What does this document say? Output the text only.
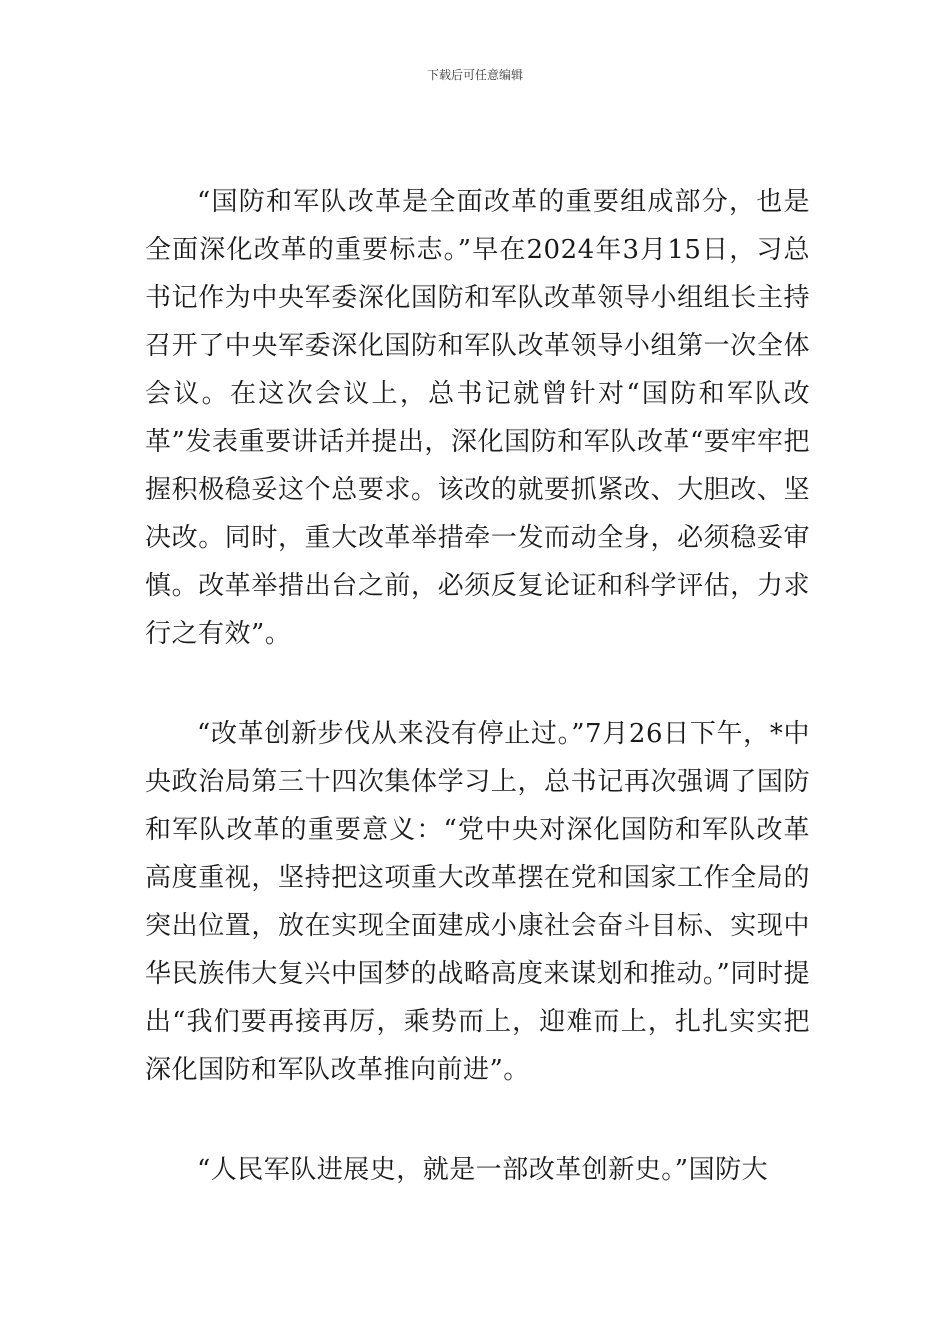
下载后可任意编辑

“国防和军队改革是全面改革的重要组成部分，也是全面深化改革的重要标志。”早在2024年3月15日，习总书记作为中央军委深化国防和军队改革领导小组组长主持召开了中央军委深化国防和军队改革领导小组第一次全体会议。在这次会议上，总书记就曾针对“国防和军队改革”发表重要讲话并提出，深化国防和军队改革“要牢牢把握积极稳妥这个总要求。该改的就要抓紧改、大胆改、坚决改。同时，重大改革举措牵一发而动全身，必须稳妥审慎。改革举措出台之前，必须反复论证和科学评估，力求行之有效”。

“改革创新步伐从来没有停止过。”7月26日下午，*中央政治局第三十四次集体学习上，总书记再次强调了国防和军队改革的重要意义：“党中央对深化国防和军队改革高度重视，坚持把这项重大改革摆在党和国家工作全局的突出位置，放在实现全面建成小康社会奋斗目标、实现中华民族伟大复兴中国梦的战略高度来谋划和推动。”同时提出“我们要再接再厉，乘势而上，迎难而上，扎扎实实把深化国防和军队改革推向前进”。

“人民军队进展史，就是一部改革创新史。”国防大
